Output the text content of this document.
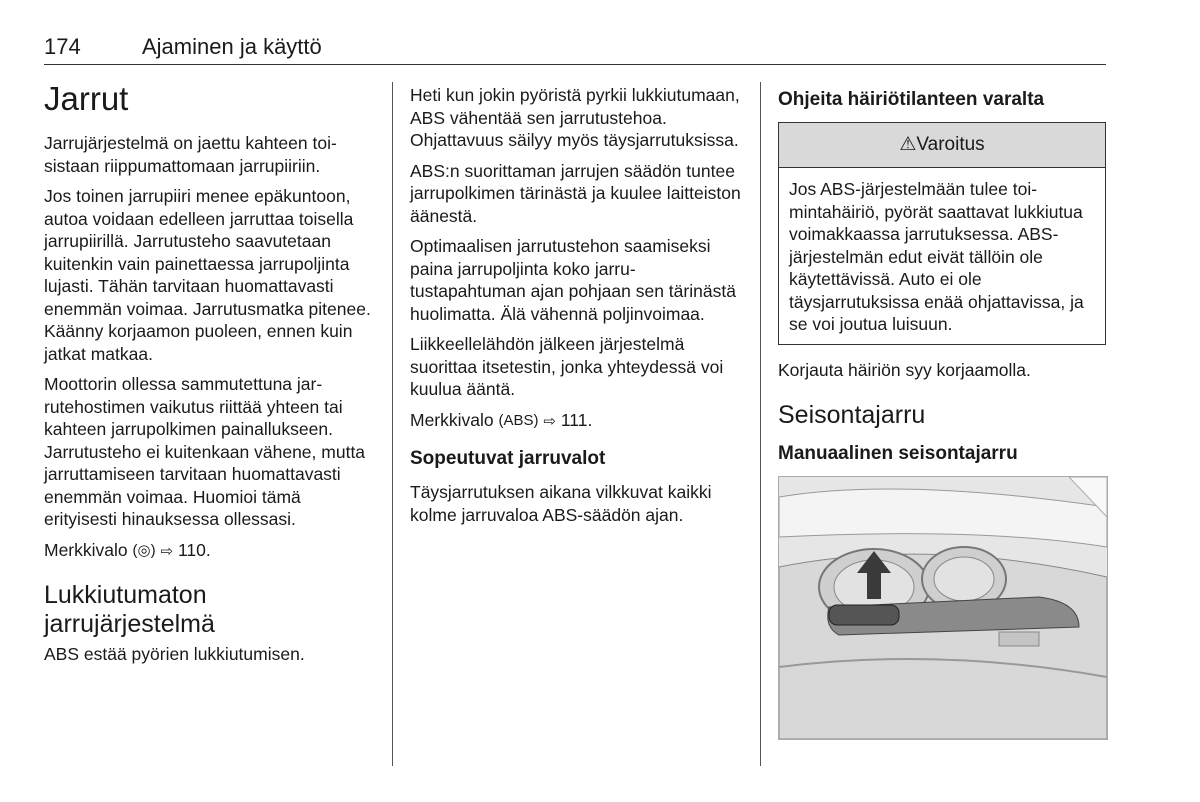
174	Ajaminen ja käyttö
Jarrut

Jarrujärjestelmä on jaettu kahteen toisistaan riippumattomaan jarrupiiriin.

Jos toinen jarrupiiri menee epäkuntoon, autoa voidaan edelleen jarruttaa toisella jarrupiirillä. Jarrutusteho saavutetaan kuitenkin vain painettaessa jarrupoljinta lujasti. Tähän tarvitaan huomattavasti enemmän voimaa. Jarrutusmatka pitenee. Käänny korjaamon puoleen, ennen kuin jatkat matkaa.

Moottorin ollessa sammutettuna jarrutehostimen vaikutus riittää yhteen tai kahteen jarrupolkimen painallukseen. Jarrutusteho ei kuitenkaan vähene, mutta jarruttamiseen tarvitaan huomattavasti enemmän voimaa. Huomioi tämä erityisesti hinauksessa ollessasi.

Merkkivalo (◎) ⇨ 110.

Lukkiutumaton jarrujärjestelmä

ABS estää pyörien lukkiutumisen.

Heti kun jokin pyöristä pyrkii lukkiutumaan, ABS vähentää sen jarrutustehoa. Ohjattavuus säilyy myös täysjarrutuksissa.

ABS:n suorittaman jarrujen säädön tuntee jarrupolkimen tärinästä ja kuulee laitteiston äänestä.

Optimaalisen jarrutustehon saamiseksi paina jarrupoljinta koko jarrutustapahtuman ajan pohjaan sen tärinästä huolimatta. Älä vähennä poljinvoimaa.

Liikkeellelähdön jälkeen järjestelmä suorittaa itsetestin, jonka yhteydessä voi kuulua ääntä.

Merkkivalo (ABS) ⇨ 111.

Sopeutuvat jarruvalot

Täysjarrutuksen aikana vilkkuvat kaikki kolme jarruvaloa ABS-säädön ajan.

Ohjeita häiriötilanteen varalta
⚠Varoitus

Jos ABS-järjestelmään tulee toimintahäiriö, pyörät saattavat lukkiutua voimakkaassa jarrutuksessa. ABS-järjestelmän edut eivät tällöin ole käytettävissä. Auto ei ole täysjarrutuksissa enää ohjattavissa, ja se voi joutua luisuun.

Korjauta häiriön syy korjaamolla.

Seisontajarru
Manuaalinen seisontajarru
